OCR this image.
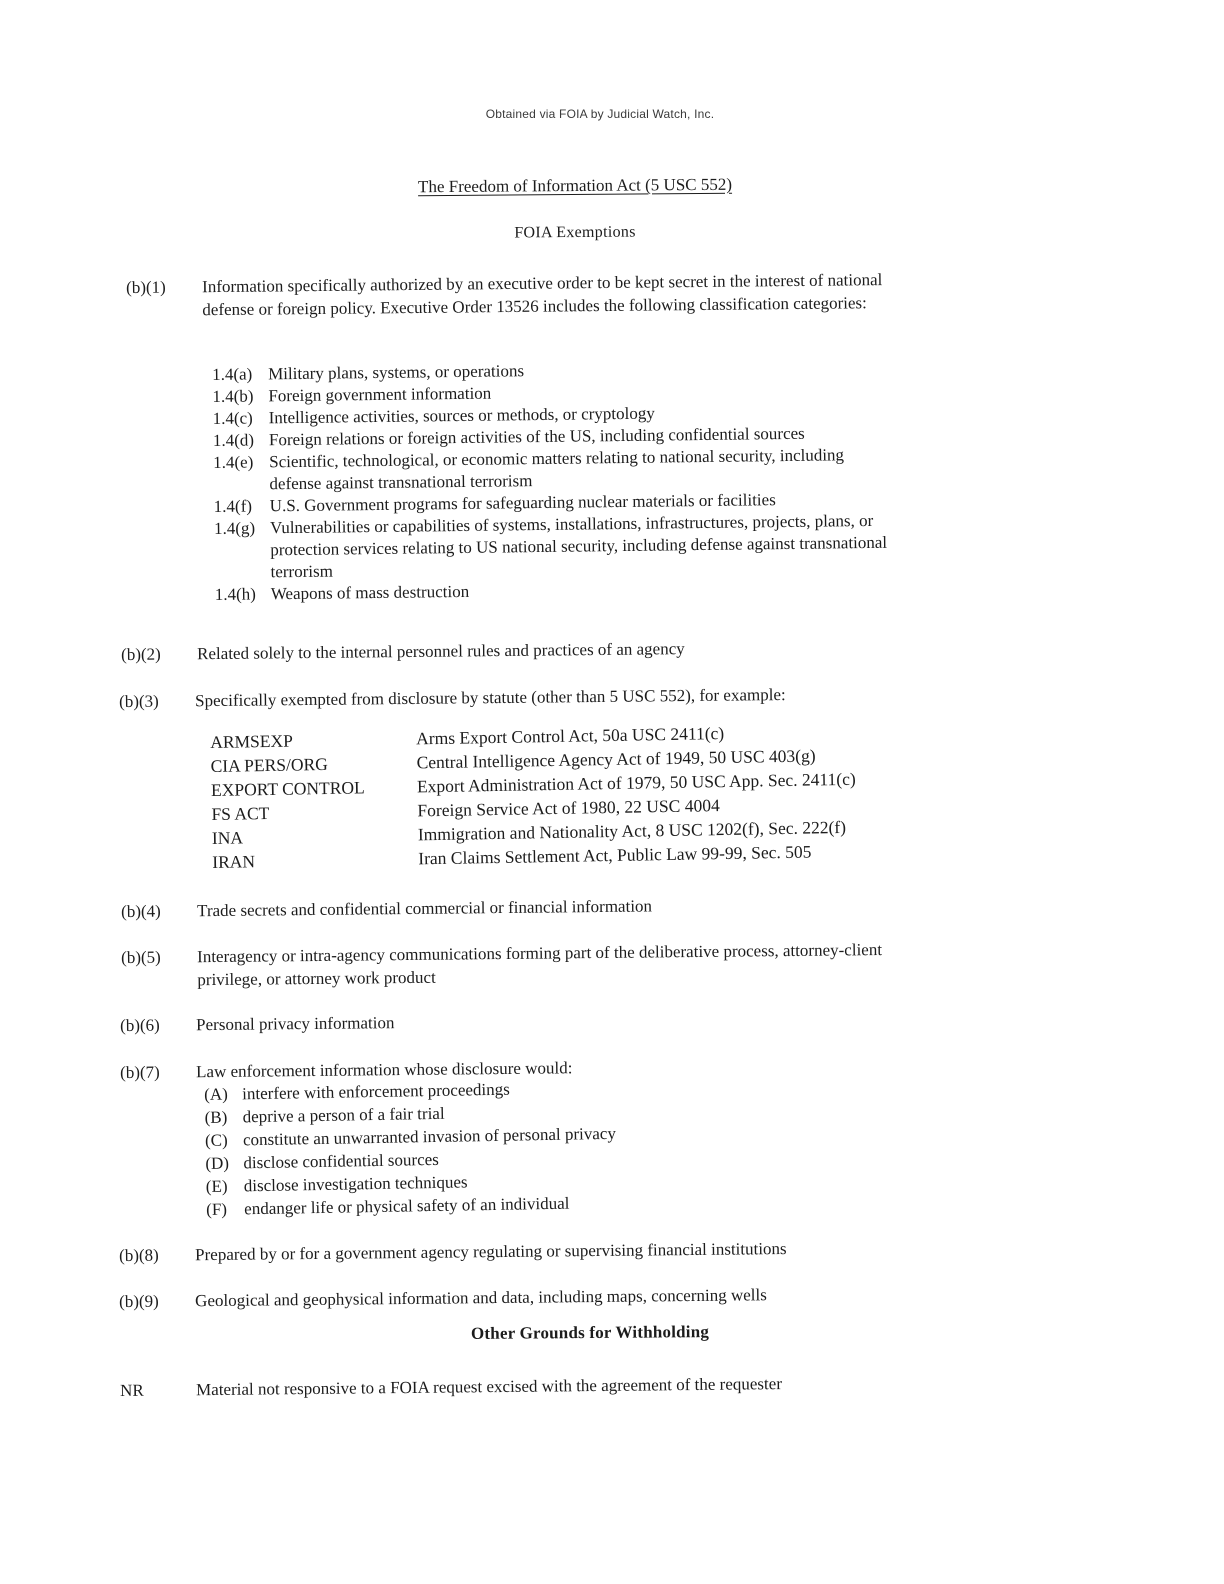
Obtained via FOIA by Judicial Watch, Inc.
The Freedom of Information Act (5 USC 552)
FOIA Exemptions
(b)(1)	Information specifically authorized by an executive order to be kept secret in the interest of national defense or foreign policy. Executive Order 13526 includes the following classification categories:
1.4(a) Military plans, systems, or operations
1.4(b) Foreign government information
1.4(c) Intelligence activities, sources or methods, or cryptology
1.4(d) Foreign relations or foreign activities of the US, including confidential sources
1.4(e) Scientific, technological, or economic matters relating to national security, including defense against transnational terrorism
1.4(f)	U.S. Government programs for safeguarding nuclear materials or facilities
1.4(g) Vulnerabilities or capabilities of systems, installations, infrastructures, projects, plans, or protection services relating to US national security, including defense against transnational terrorism
1.4(h) Weapons of mass destruction
(b)(2)	Related solely to the internal personnel rules and practices of an agency
(b)(3)	Specifically exempted from disclosure by statute (other than 5 USC 552), for example:
ARMSEXP	Arms Export Control Act, 50a USC 2411(c)
CIA PERS/ORG	Central Intelligence Agency Act of 1949, 50 USC 403(g)
EXPORT CONTROL	Export Administration Act of 1979, 50 USC App. Sec. 2411(c)
FS ACT	Foreign Service Act of 1980, 22 USC 4004
INA	Immigration and Nationality Act, 8 USC 1202(f), Sec. 222(f)
IRAN	Iran Claims Settlement Act, Public Law 99-99, Sec. 505
(b)(4)	Trade secrets and confidential commercial or financial information
(b)(5)	Interagency or intra-agency communications forming part of the deliberative process, attorney-client privilege, or attorney work product
(b)(6)	Personal privacy information
(b)(7)	Law enforcement information whose disclosure would:
(A) interfere with enforcement proceedings
(B) deprive a person of a fair trial
(C) constitute an unwarranted invasion of personal privacy
(D) disclose confidential sources
(E) disclose investigation techniques
(F) endanger life or physical safety of an individual
(b)(8)	Prepared by or for a government agency regulating or supervising financial institutions
(b)(9)	Geological and geophysical information and data, including maps, concerning wells
Other Grounds for Withholding
NR	Material not responsive to a FOIA request excised with the agreement of the requester
